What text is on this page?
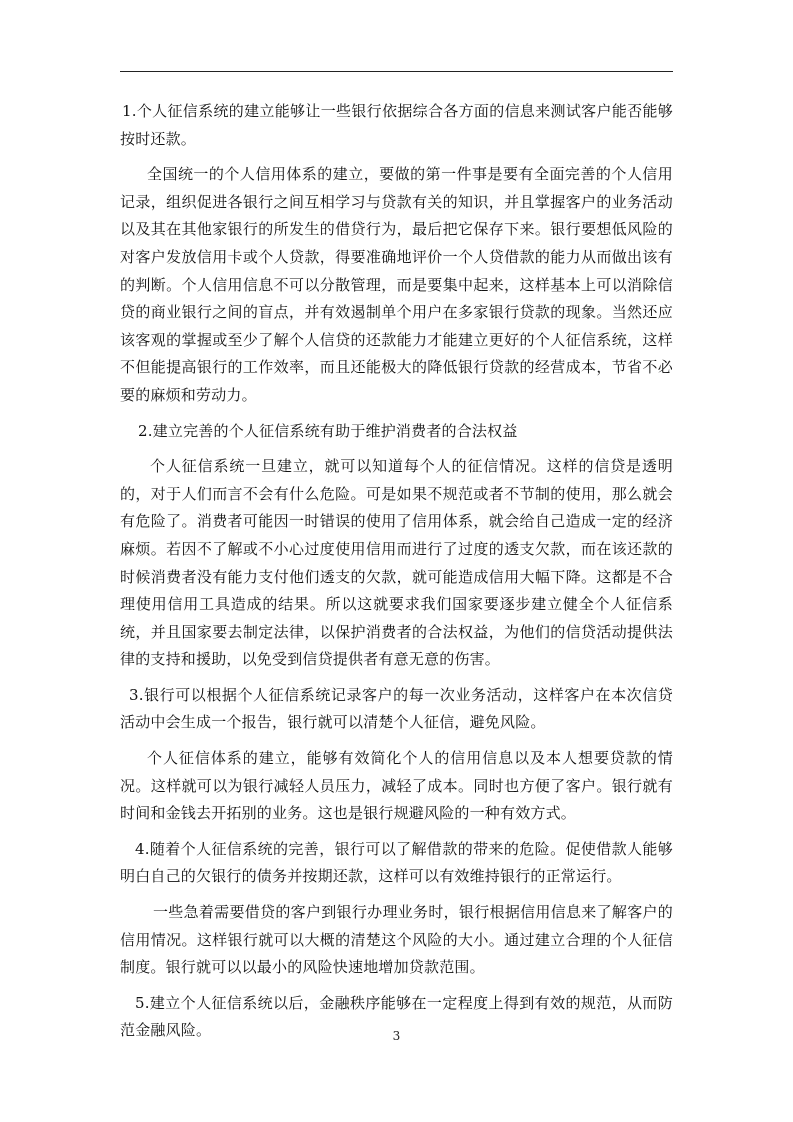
1.个人征信系统的建立能够让一些银行依据综合各方面的信息来测试客户能否能够按时还款。

全国统一的个人信用体系的建立，要做的第一件事是要有全面完善的个人信用记录，组织促进各银行之间互相学习与贷款有关的知识，并且掌握客户的业务活动以及其在其他家银行的所发生的借贷行为，最后把它保存下来。银行要想低风险的对客户发放信用卡或个人贷款，得要准确地评价一个人贷借款的能力从而做出该有的判断。个人信用信息不可以分散管理，而是要集中起来，这样基本上可以消除信贷的商业银行之间的盲点，并有效遏制单个用户在多家银行贷款的现象。当然还应该客观的掌握或至少了解个人信贷的还款能力才能建立更好的个人征信系统，这样不但能提高银行的工作效率，而且还能极大的降低银行贷款的经营成本，节省不必要的麻烦和劳动力。

2.建立完善的个人征信系统有助于维护消费者的合法权益

个人征信系统一旦建立，就可以知道每个人的征信情况。这样的信贷是透明的，对于人们而言不会有什么危险。可是如果不规范或者不节制的使用，那么就会有危险了。消费者可能因一时错误的使用了信用体系，就会给自己造成一定的经济麻烦。若因不了解或不小心过度使用信用而进行了过度的透支欠款，而在该还款的时候消费者没有能力支付他们透支的欠款，就可能造成信用大幅下降。这都是不合理使用信用工具造成的结果。所以这就要求我们国家要逐步建立健全个人征信系统，并且国家要去制定法律，以保护消费者的合法权益，为他们的信贷活动提供法律的支持和援助，以免受到信贷提供者有意无意的伤害。

3.银行可以根据个人征信系统记录客户的每一次业务活动，这样客户在本次信贷活动中会生成一个报告，银行就可以清楚个人征信，避免风险。

个人征信体系的建立，能够有效简化个人的信用信息以及本人想要贷款的情况。这样就可以为银行减轻人员压力，减轻了成本。同时也方便了客户。银行就有时间和金钱去开拓别的业务。这也是银行规避风险的一种有效方式。

4.随着个人征信系统的完善，银行可以了解借款的带来的危险。促使借款人能够明白自己的欠银行的债务并按期还款，这样可以有效维持银行的正常运行。

一些急着需要借贷的客户到银行办理业务时，银行根据信用信息来了解客户的信用情况。这样银行就可以大概的清楚这个风险的大小。通过建立合理的个人征信制度。银行就可以以最小的风险快速地增加贷款范围。

5.建立个人征信系统以后，金融秩序能够在一定程度上得到有效的规范，从而防范金融风险。	3
